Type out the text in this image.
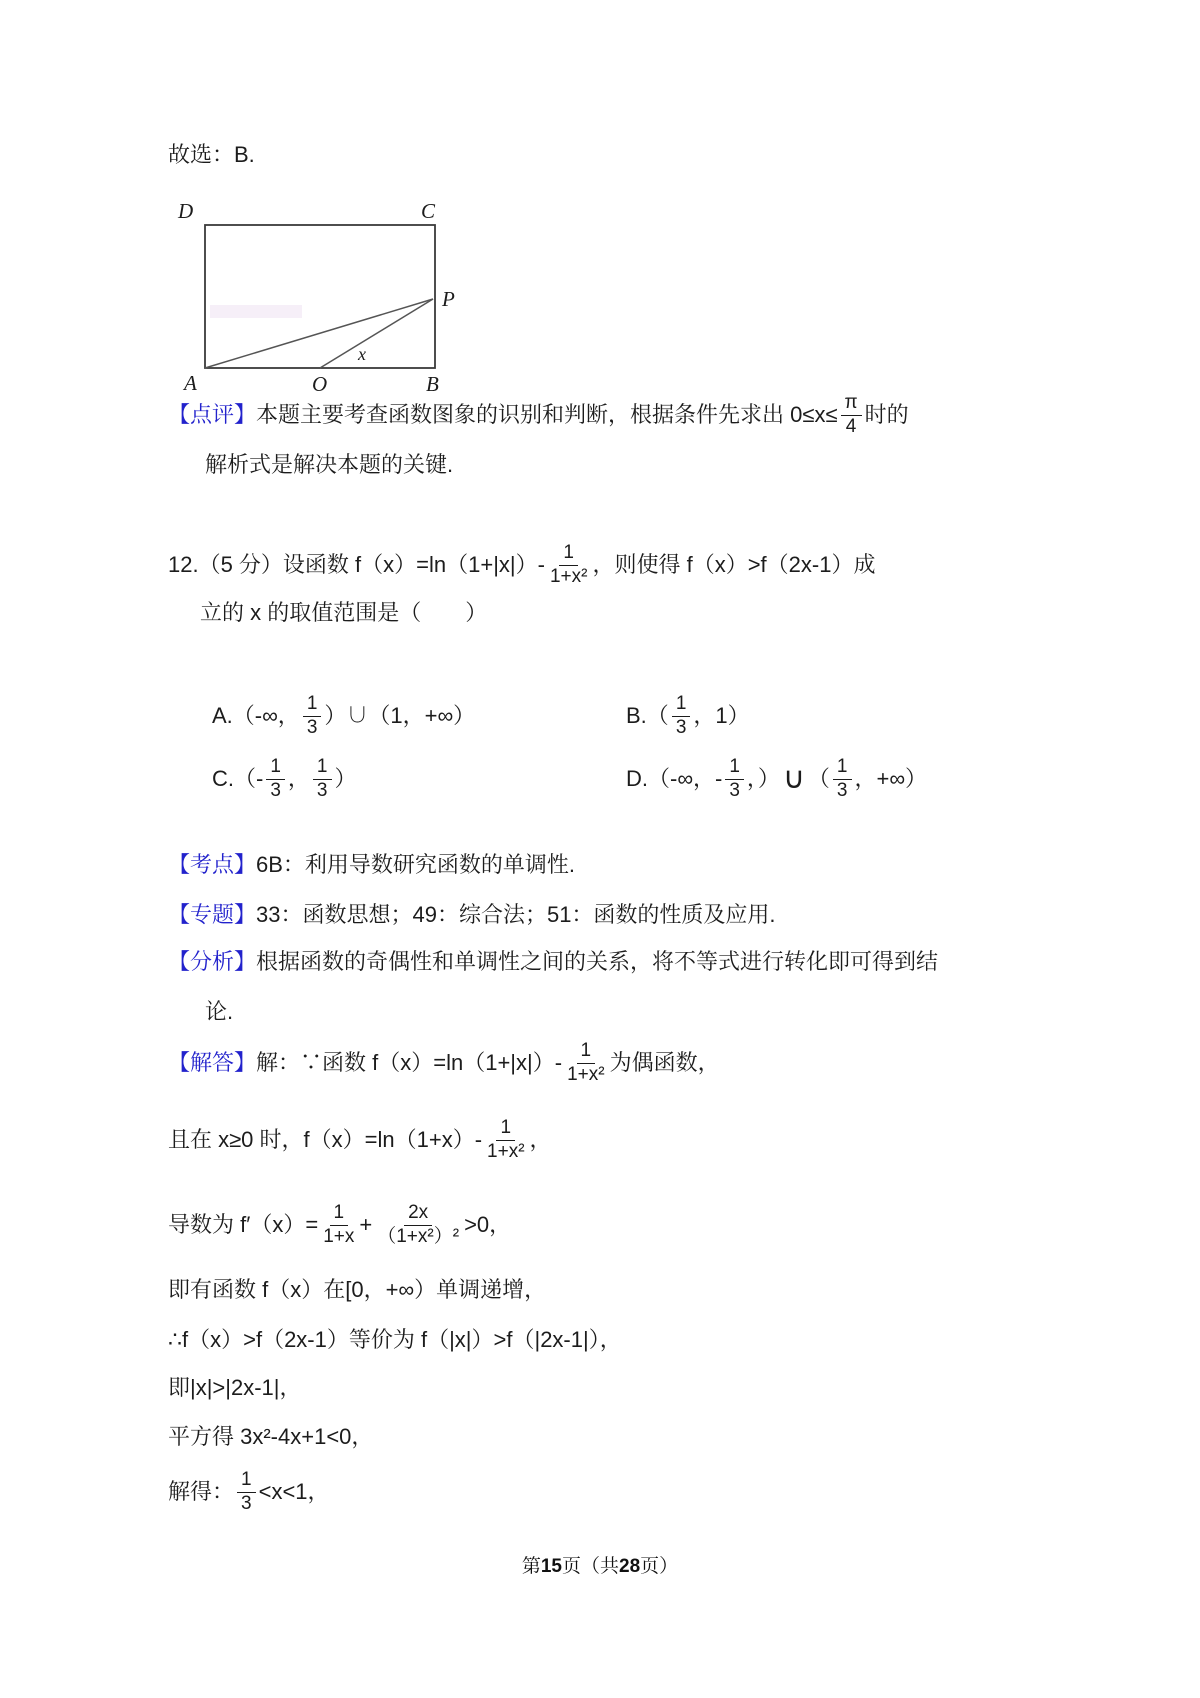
故选：B.
D	C
P
A	O	B
x
【点评】 本题主要考查函数图象的识别和判断，根据条件先求出 $0\le x\le \frac{\pi}{4}$ 时的
解析式是解决本题的关键.
12.（5 分）设函数 $f(x)=\ln(1+|x|)- \frac{1}{\text{1+x²}}$ ，则使得 f（x）>f（2x-1）成
立的 x 的取值范围是（　　）
A. （-∞， $\frac{1}{3}$ ）∪（1，+∞）	B. （ $\frac{1}{3}$ ，1）
C. （- $\frac{1}{3}$ ， $\frac{1}{3}$ ）	D. （-∞，- $\frac{1}{3}$ ，） ∪ （ $\frac{1}{3}$ ，+∞）
【考点】 6B：利用导数研究函数的单调性.
【专题】 33：函数思想；49：综合法；51：函数的性质及应用.
【分析】 根据函数的奇偶性和单调性之间的关系，将不等式进行转化即可得到结
论.
【解答】 解：∵函数 $f(x)=\ln(1+|x|)- \frac{1}{\text{1+x²}}$ 为偶函数，
且在 x≥0 时，$f(x)=\ln(1+x)- \frac{1}{\text{1+x²}}$ ，
导数为 $f'(x)= \frac{1}{1+x} + \frac{2x}{\text{（1+x²）²}} >0$，
即有函数 f（x）在[0，+∞）单调递增，
∴f（x）>f（2x-1）等价为 f（|x|）>f（|2x-1|），
即|x|>|2x-1|，
平方得 3x²-4x+1<0，
解得： $\frac{1}{3} <x<1$，
第15页（共28页）
